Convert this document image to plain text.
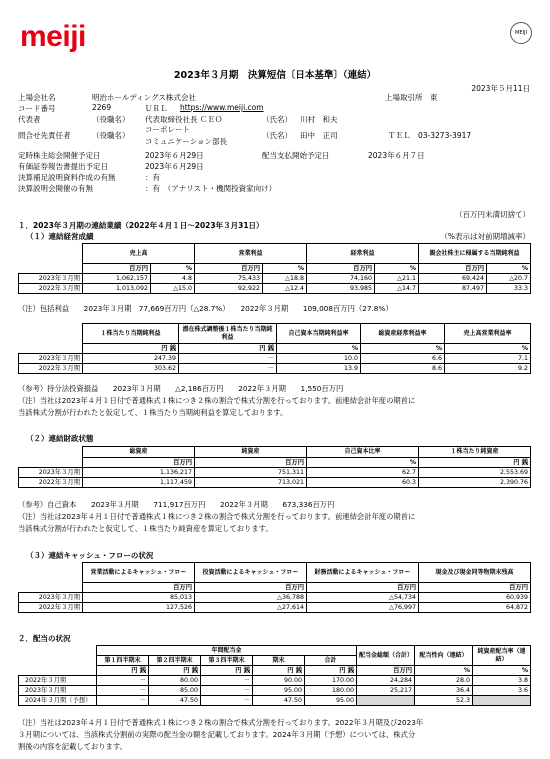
meiji	MEIJI
2023年３月期　決算短信〔日本基準〕（連結）
2023年５月11日
上場会社名	明治ホールディングス株式会社	上場取引所　東
コード番号	2269	ＵＲＬ https://www.meiji.com
代表者	（役職名） 代表取締役社長 ＣＥＯ	（氏名） 川村　和夫
問合せ先責任者	（役職名）
コーポレート
コミュニケーション部長
（氏名） 田中　正司	ＴＥＬ　03-3273-3917
定時株主総会開催予定日	2023年６月29日	配当支払開始予定日	2023年６月７日
有価証券報告書提出予定日	2023年６月29日
決算補足説明資料作成の有無	：有
決算説明会開催の有無	：有　（アナリスト・機関投資家向け）
（百万円未満切捨て）
１．2023年３月期の連結業績（2022年４月１日～2023年３月31日）
（１）連結経営成績	（%表示は対前期増減率）
	売上高		営業利益		経常利益		親会社株主に帰属する当期純利益	
	百万円	%	百万円	%	百万円	%	百万円	%
2023年３月期	1,062,157	4.8	75,433	△18.8	74,160	△21.1	69,424	△20.7
2022年３月期	1,013,092	△15.0	92,922	△12.4	93,985	△14.7	87,497	33.3
（注）包括利益　　2023年３月期　77,669百万円（△28.7%）　　2022年３月期　　109,008百万円（27.8%）
	１株当たり当期純利益	潜在株式調整後１株当たり当期純利益	自己資本当期純利益率	総資産経常利益率	売上高営業利益率
	円 銭	円 銭	%	%	%
2023年３月期	247.39	－	10.0	6.6	7.1
2022年３月期	303.62	－	13.9	8.6	9.2
（参考）持分法投資損益　　2023年３月期　　△2,186百万円　　2022年３月期　　1,550百万円
（注）当社は2023年４月１日付で普通株式１株につき２株の割合で株式分割を行っております。前連結会計年度の期首に
当該株式分割が行われたと仮定して、１株当たり当期純利益を算定しております。
（２）連結財政状態
	総資産	純資産	自己資本比率	１株当たり純資産
	百万円	百万円	%	円 銭
2023年３月期	1,136,217	751,311	62.7	2,553.69
2022年３月期	1,117,459	713,021	60.3	2,390.76
（参考）自己資本　　2023年３月期　　711,917百万円　　2022年３月期　　673,336百万円
（注）当社は2023年４月１日付で普通株式１株につき２株の割合で株式分割を行っております。前連結会計年度の期首に
当該株式分割が行われたと仮定して、１株当たり純資産を算定しております。
（３）連結キャッシュ・フローの状況
	営業活動によるキャッシュ・フロー	投資活動によるキャッシュ・フロー	財務活動によるキャッシュ・フロー	現金及び現金同等物期末残高
	百万円	百万円	百万円	百万円
2023年３月期	85,013	△36,788	△54,734	60,939
2022年３月期	127,526	△27,614	△76,997	64,872
２．配当の状況
	年間配当金					配当金総額（合計）	配当性向（連結）	純資産配当率（連結）
	第１四半期末	第２四半期末	第３四半期末	期末	合計			
	円 銭	円 銭	円 銭	円 銭	円 銭	百万円	%	%
2022年３月期	－	80.00	－	90.00	170.00	24,284	28.0	3.8
2023年３月期	－	85.00	－	95.00	180.00	25,217	36.4	3.6
2024年３月期（予想）	－	47.50	－	47.50	95.00		52.3	
（注）当社は2023年４月１日付で普通株式１株につき２株の割合で株式分割を行っております。2022年３月期及び2023年
３月期については、当該株式分割前の実際の配当金の額を記載しております。2024年３月期（予想）については、株式分
割後の内容を記載しております。
